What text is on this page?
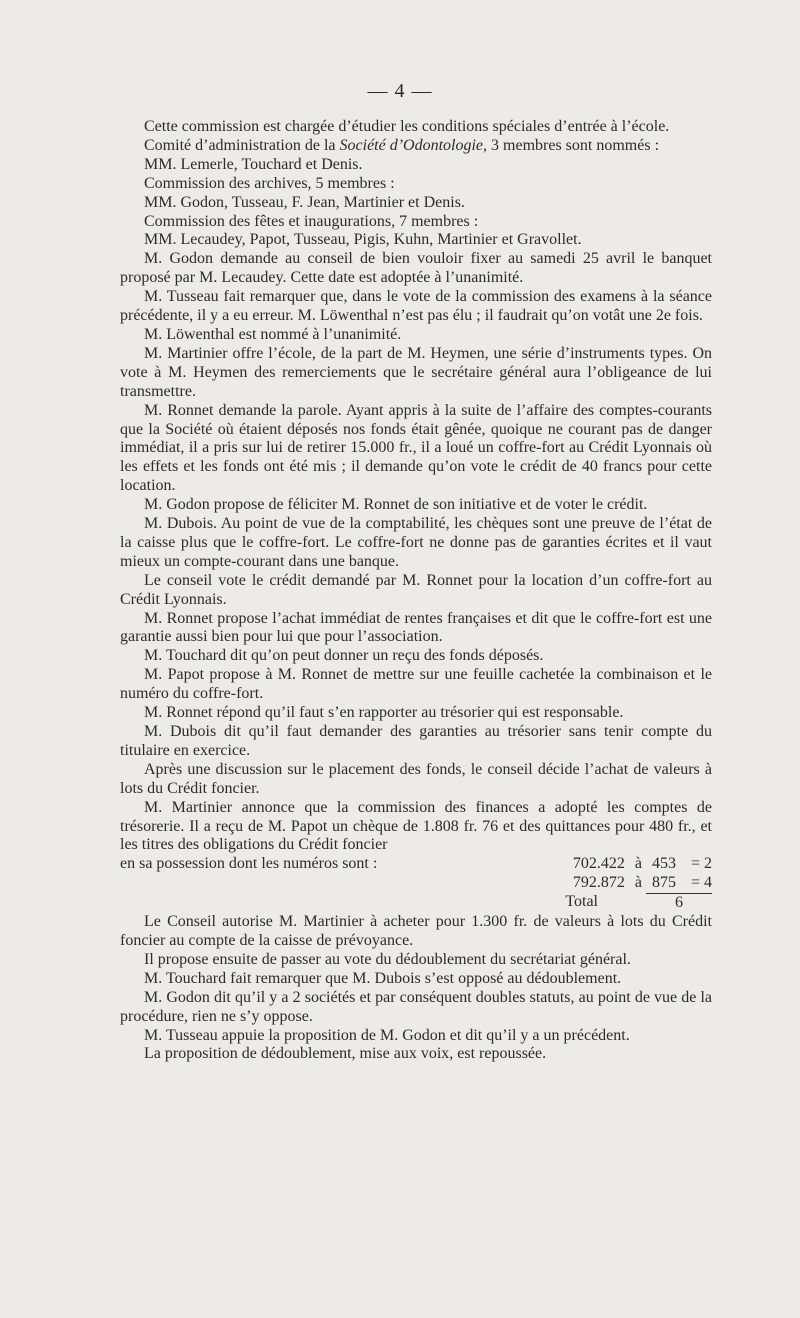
— 4 —

Cette commission est chargée d’étudier les conditions spéciales d’entrée à l’école.

Comité d’administration de la Société d’Odontologie, 3 membres sont nommés :

MM. Lemerle, Touchard et Denis.

Commission des archives, 5 membres :

MM. Godon, Tusseau, F. Jean, Martinier et Denis.

Commission des fêtes et inaugurations, 7 membres :

MM. Lecaudey, Papot, Tusseau, Pigis, Kuhn, Martinier et Gravollet.

M. Godon demande au conseil de bien vouloir fixer au samedi 25 avril le banquet proposé par M. Lecaudey. Cette date est adoptée à l’unanimité.

M. Tusseau fait remarquer que, dans le vote de la commission des examens à la séance précédente, il y a eu erreur. M. Löwenthal n’est pas élu ; il faudrait qu’on votât une 2e fois.

M. Löwenthal est nommé à l’unanimité.

M. Martinier offre l’école, de la part de M. Heymen, une série d’instruments types. On vote à M. Heymen des remerciements que le secrétaire général aura l’obligeance de lui transmettre.

M. Ronnet demande la parole. Ayant appris à la suite de l’affaire des comptes-courants que la Société où étaient déposés nos fonds était gênée, quoique ne courant pas de danger immédiat, il a pris sur lui de retirer 15.000 fr., il a loué un coffre-fort au Crédit Lyonnais où les effets et les fonds ont été mis ; il demande qu’on vote le crédit de 40 francs pour cette location.

M. Godon propose de féliciter M. Ronnet de son initiative et de voter le crédit.

M. Dubois. Au point de vue de la comptabilité, les chèques sont une preuve de l’état de la caisse plus que le coffre-fort. Le coffre-fort ne donne pas de garanties écrites et il vaut mieux un compte-courant dans une banque.

Le conseil vote le crédit demandé par M. Ronnet pour la location d’un coffre-fort au Crédit Lyonnais.

M. Ronnet propose l’achat immédiat de rentes françaises et dit que le coffre-fort est une garantie aussi bien pour lui que pour l’association.

M. Touchard dit qu’on peut donner un reçu des fonds déposés.

M. Papot propose à M. Ronnet de mettre sur une feuille cachetée la combinaison et le numéro du coffre-fort.

M. Ronnet répond qu’il faut s’en rapporter au trésorier qui est responsable.

M. Dubois dit qu’il faut demander des garanties au trésorier sans tenir compte du titulaire en exercice.

Après une discussion sur le placement des fonds, le conseil décide l’achat de valeurs à lots du Crédit foncier.

M. Martinier annonce que la commission des finances a adopté les comptes de trésorerie. Il a reçu de M. Papot un chèque de 1.808 fr. 76 et des quittances pour 480 fr., et les titres des obligations du Crédit foncier

en sa possession dont les numéros sont :	702.422 à 453 = 2
792.872 à 875 = 4
Total	6

Le Conseil autorise M. Martinier à acheter pour 1.300 fr. de valeurs à lots du Crédit foncier au compte de la caisse de prévoyance.

Il propose ensuite de passer au vote du dédoublement du secrétariat général.

M. Touchard fait remarquer que M. Dubois s’est opposé au dédoublement.

M. Godon dit qu’il y a 2 sociétés et par conséquent doubles statuts, au point de vue de la procédure, rien ne s’y oppose.

M. Tusseau appuie la proposition de M. Godon et dit qu’il y a un précédent.

La proposition de dédoublement, mise aux voix, est repoussée.
